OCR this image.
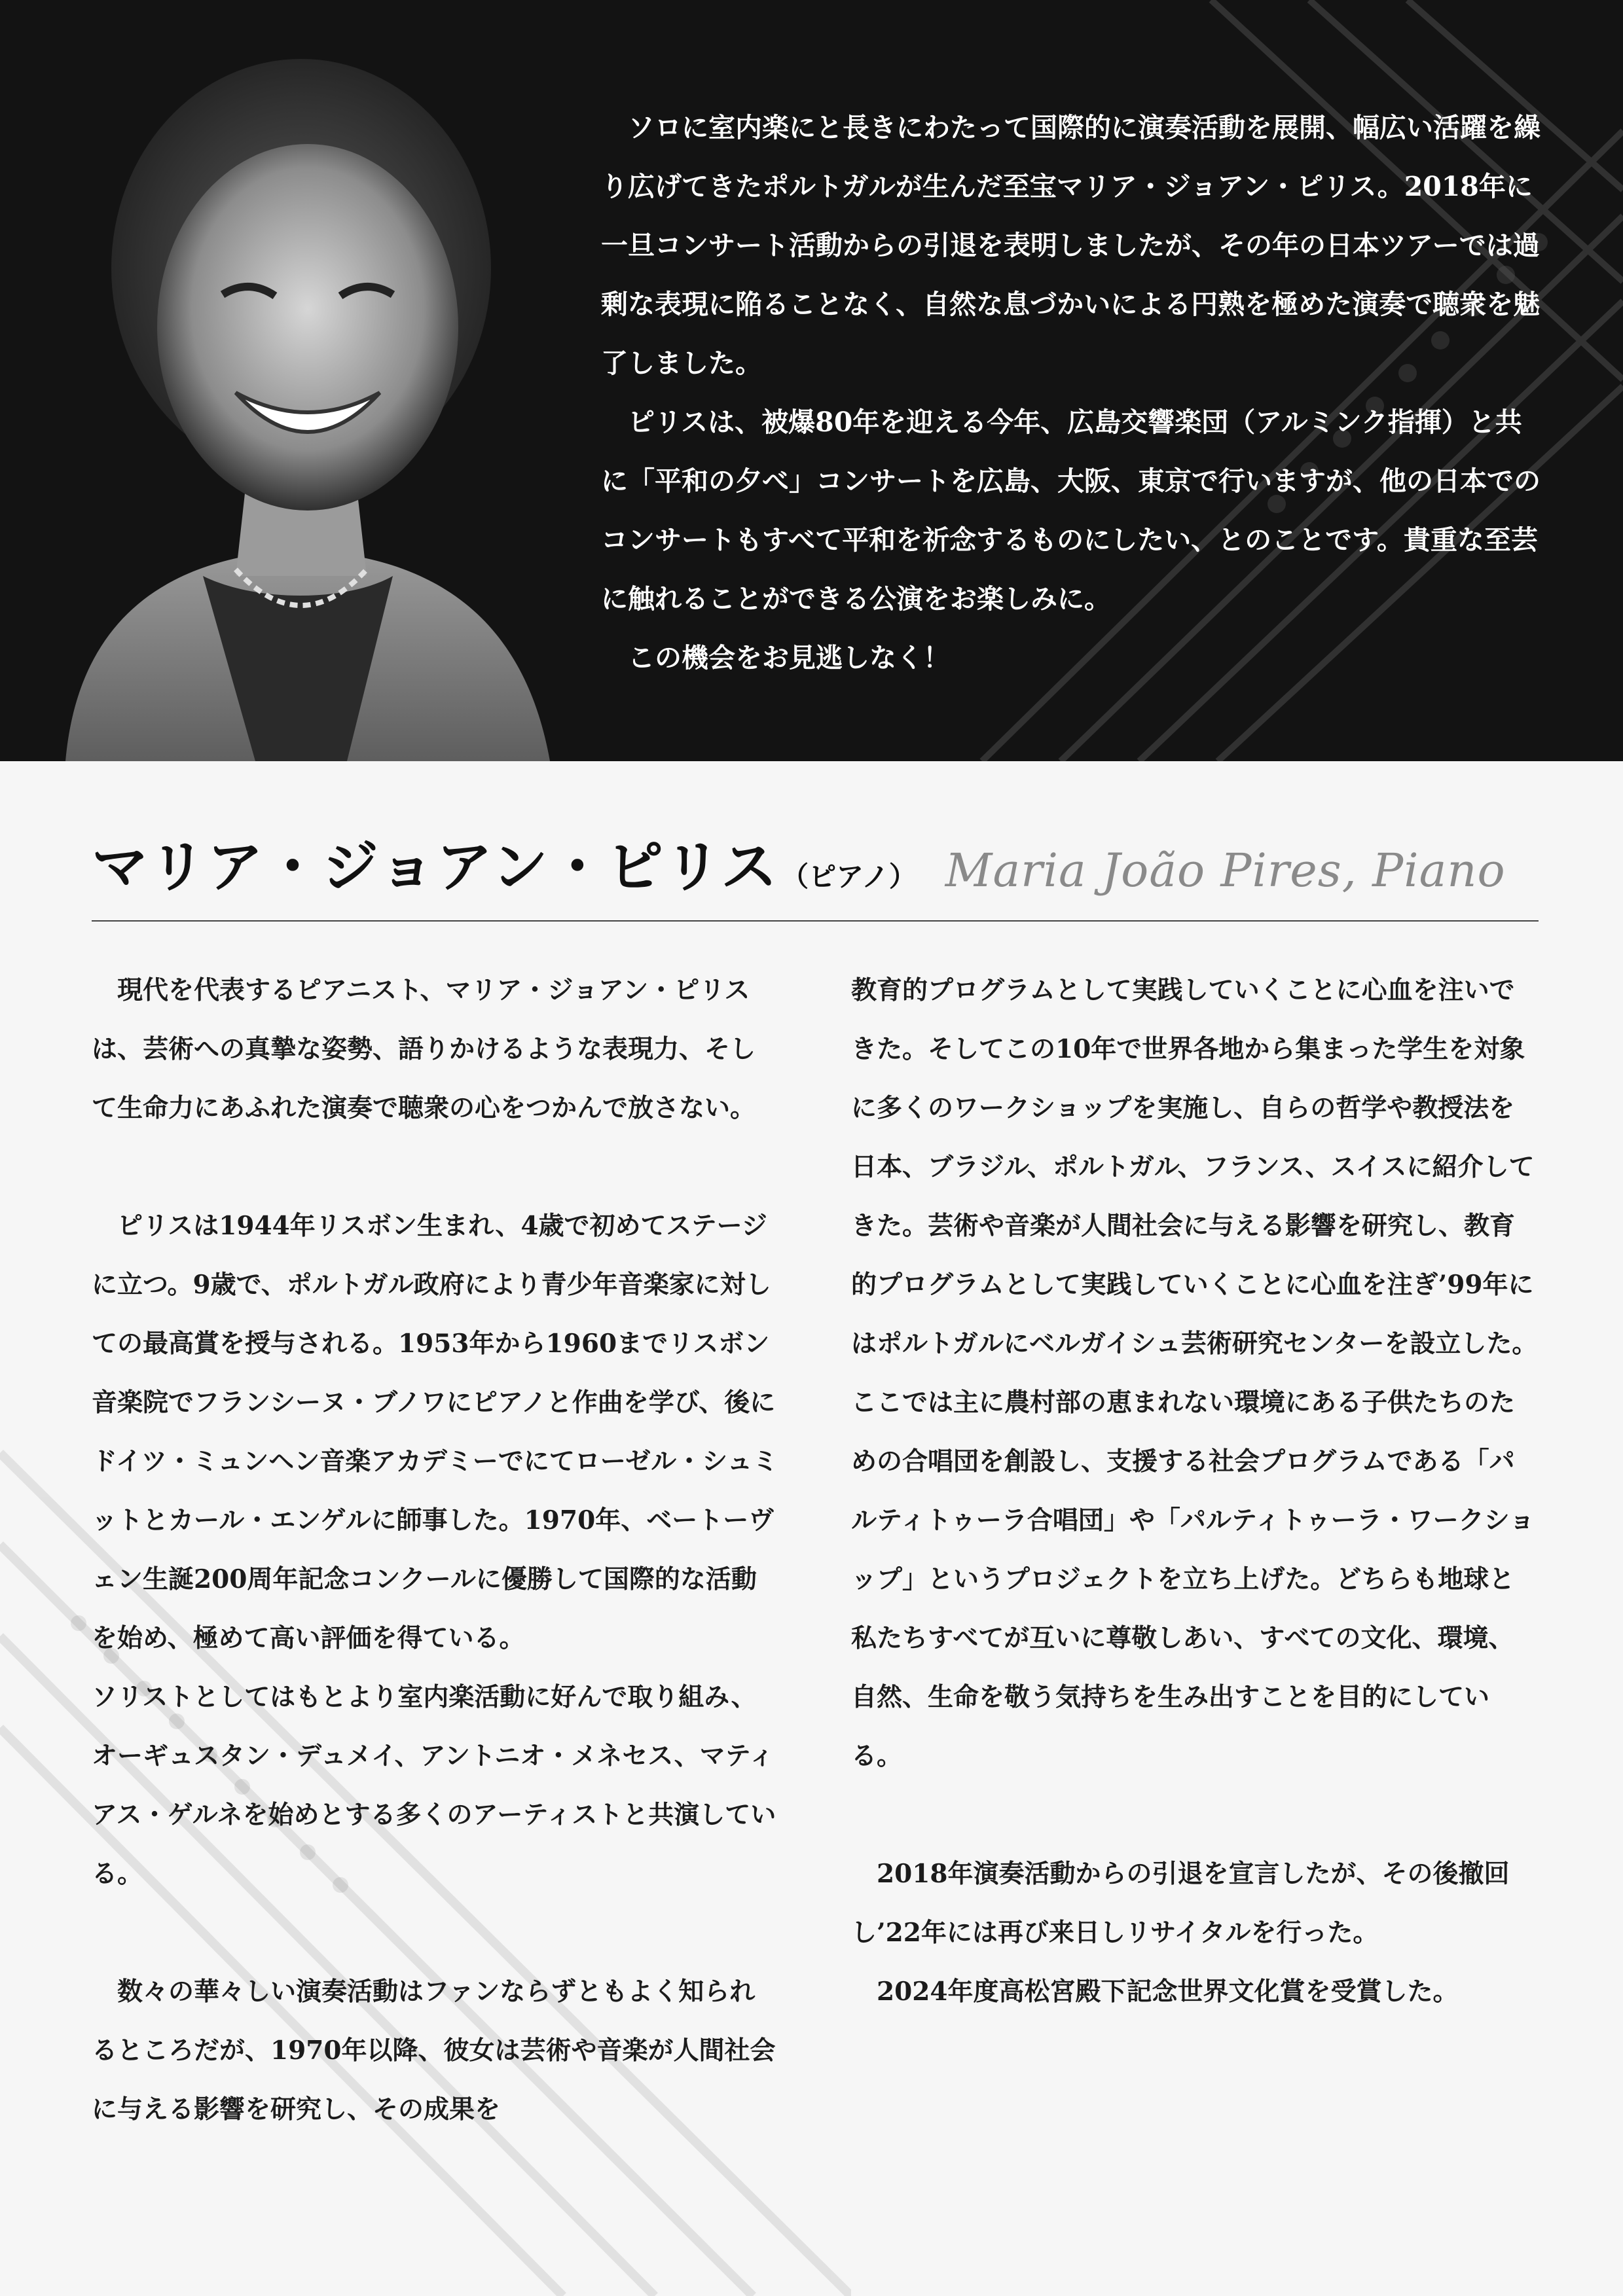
ソロに室内楽にと長きにわたって国際的に演奏活動を展開、幅広い活躍を繰り広げてきたポルトガルが生んだ至宝マリア・ジョアン・ピリス。2018年に一旦コンサート活動からの引退を表明しましたが、その年の日本ツアーでは過剰な表現に陥ることなく、自然な息づかいによる円熟を極めた演奏で聴衆を魅了しました。

ピリスは、被爆80年を迎える今年、広島交響楽団（アルミンク指揮）と共に「平和の夕べ」コンサートを広島、大阪、東京で行いますが、他の日本でのコンサートもすべて平和を祈念するものにしたい、とのことです。貴重な至芸に触れることができる公演をお楽しみに。

この機会をお見逃しなく！

マリア・ジョアン・ピリス （ピアノ） Maria João Pires, Piano

現代を代表するピアニスト、マリア・ジョアン・ピリスは、芸術への真摯な姿勢、語りかけるような表現力、そして生命力にあふれた演奏で聴衆の心をつかんで放さない。

ピリスは1944年リスボン生まれ、4歳で初めてステージに立つ。9歳で、ポルトガル政府により青少年音楽家に対しての最高賞を授与される。1953年から1960までリスボン音楽院でフランシーヌ・ブノワにピアノと作曲を学び、後にドイツ・ミュンヘン音楽アカデミーでにてローゼル・シュミットとカール・エンゲルに師事した。1970年、ベートーヴェン生誕200周年記念コンクールに優勝して国際的な活動を始め、極めて高い評価を得ている。

ソリストとしてはもとより室内楽活動に好んで取り組み、オーギュスタン・デュメイ、アントニオ・メネセス、マティアス・ゲルネを始めとする多くのアーティストと共演している。

数々の華々しい演奏活動はファンならずともよく知られるところだが、1970年以降、彼女は芸術や音楽が人間社会に与える影響を研究し、その成果を

教育的プログラムとして実践していくことに心血を注いできた。そしてこの10年で世界各地から集まった学生を対象に多くのワークショップを実施し、自らの哲学や教授法を日本、ブラジル、ポルトガル、フランス、スイスに紹介してきた。芸術や音楽が人間社会に与える影響を研究し、教育的プログラムとして実践していくことに心血を注ぎ’99年にはポルトガルにベルガイシュ芸術研究センターを設立した。ここでは主に農村部の恵まれない環境にある子供たちのための合唱団を創設し、支援する社会プログラムである「パルティトゥーラ合唱団」や「パルティトゥーラ・ワークショップ」というプロジェクトを立ち上げた。どちらも地球と私たちすべてが互いに尊敬しあい、すべての文化、環境、自然、生命を敬う気持ちを生み出すことを目的にしている。

2018年演奏活動からの引退を宣言したが、その後撤回し’22年には再び来日しリサイタルを行った。

2024年度高松宮殿下記念世界文化賞を受賞した。
